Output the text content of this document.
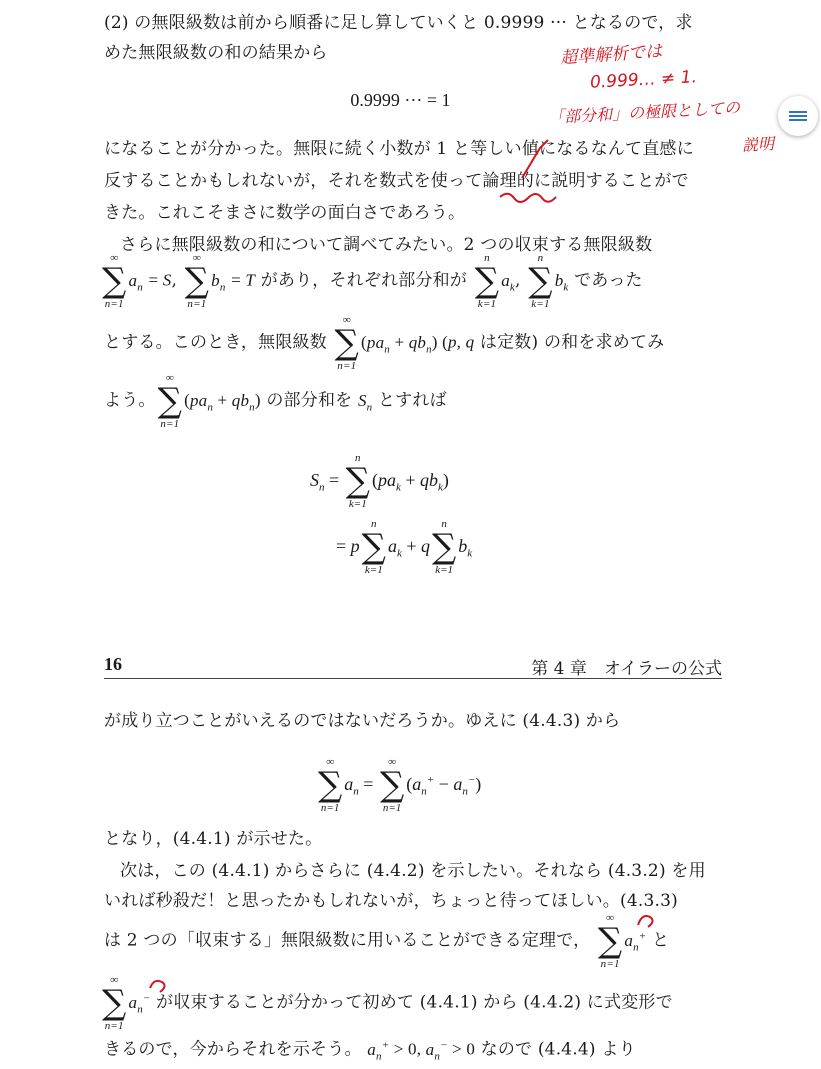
(2) の無限級数は前から順番に足し算していくと 0.9999 ··· となるので，求
めた無限級数の和の結果から
0.9999 ··· = 1
になることが分かった。無限に続く小数が 1 と等しい値になるなんて直感に
反することかもしれないが，それを数式を使って論理的に説明することがで
きた。これこそまさに数学の面白さであろう。
さらに無限級数の和について調べてみたい。2 つの収束する無限級数
∞
∑
n=1
$a_n = S$,
∞
∑
n=1
$b_n = T$ があり，それぞれ部分和が
n
∑
k=1
$a_k$,
n
∑
k=1
$b_k$ であった
とする。このとき，無限級数
∞
∑
n=1
$(pa_n + qb_n)$ (p, q は定数) の和を求めてみ
よう。
∞
∑
n=1
$(pa_n + qb_n)$ の部分和を $S_n$ とすれば
$S_n$ =
n
∑
k=1
$(pa_k + qb_k)$
= p
n
∑
k=1
$a_k + q$
n
∑
k=1
$b_k$
16	第 4 章　オイラーの公式
が成り立つことがいえるのではないだろうか。ゆえに (4.4.3) から
∞
∑
n=1
$a_n$ =
∞
∑
n=1
$(a_n^+ - a_n^-)$
となり，(4.4.1) が示せた。
次は，この (4.4.1) からさらに (4.4.2) を示したい。それなら (4.3.2) を用
いれば秒殺だ！と思ったかもしれないが，ちょっと待ってほしい。(4.3.3)
は 2 つの「収束する」無限級数に用いることができる定理で，
∞
∑
n=1
$a_n^+$ と
∞
∑
n=1
$a_n^-$ が収束することが分かって初めて (4.4.1) から (4.4.2) に式変形で
きるので，今からそれを示そう。 $a_n^+ > 0$, $a_n^- > 0$ なので (4.4.4) より
超準解析では
0.999… ≠ 1.
「部分和」の極限としての
説明
